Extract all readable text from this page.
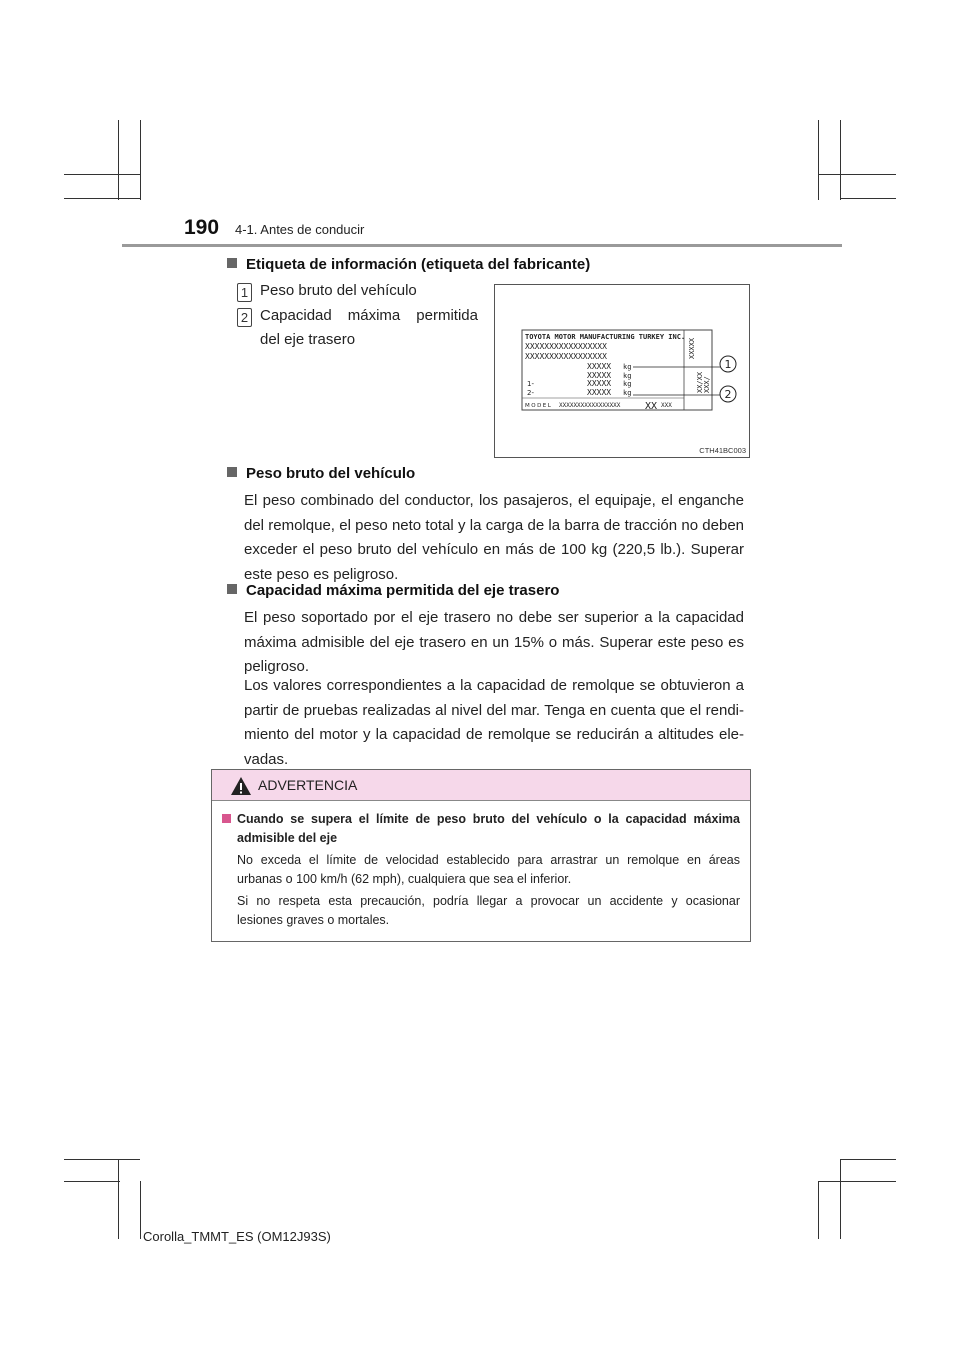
190 4-1. Antes de conducir
Etiqueta de información (etiqueta del fabricante)
1 Peso bruto del vehículo
2 Capacidad máxima permitida
del eje trasero	TOYOTA MOTOR MANUFACTURING TURKEY INC.
XXXXXXXXXXXXXXXXX
XXXXXXXXXXXXXXXXX
XXXXX kg
XXXXX kg
1-	XXXXX kg
2-	XXXXX kg
MODEL XXXXXXXXXXXXXXXXX XX XXX
XXXXX
XX/XX XXX/
1
2
CTH41BC003
Peso bruto del vehículo
El peso combinado del conductor, los pasajeros, el equipaje, el enganche
del remolque, el peso neto total y la carga de la barra de tracción no deben
exceder el peso bruto del vehículo en más de 100 kg (220,5 lb.). Superar
este peso es peligroso.
Capacidad máxima permitida del eje trasero
El peso soportado por el eje trasero no debe ser superior a la capacidad
máxima admisible del eje trasero en un 15% o más. Superar este peso es
peligroso.
Los valores correspondientes a la capacidad de remolque se obtuvieron a
partir de pruebas realizadas al nivel del mar. Tenga en cuenta que el rendi-
miento del motor y la capacidad de remolque se reducirán a altitudes ele-
vadas.
ADVERTENCIA
Cuando se supera el límite de peso bruto del vehículo o la capacidad máxima
admisible del eje
No exceda el límite de velocidad establecido para arrastrar un remolque en áreas
urbanas o 100 km/h (62 mph), cualquiera que sea el inferior.
Si no respeta esta precaución, podría llegar a provocar un accidente y ocasionar
lesiones graves o mortales.
Corolla_TMMT_ES (OM12J93S)
